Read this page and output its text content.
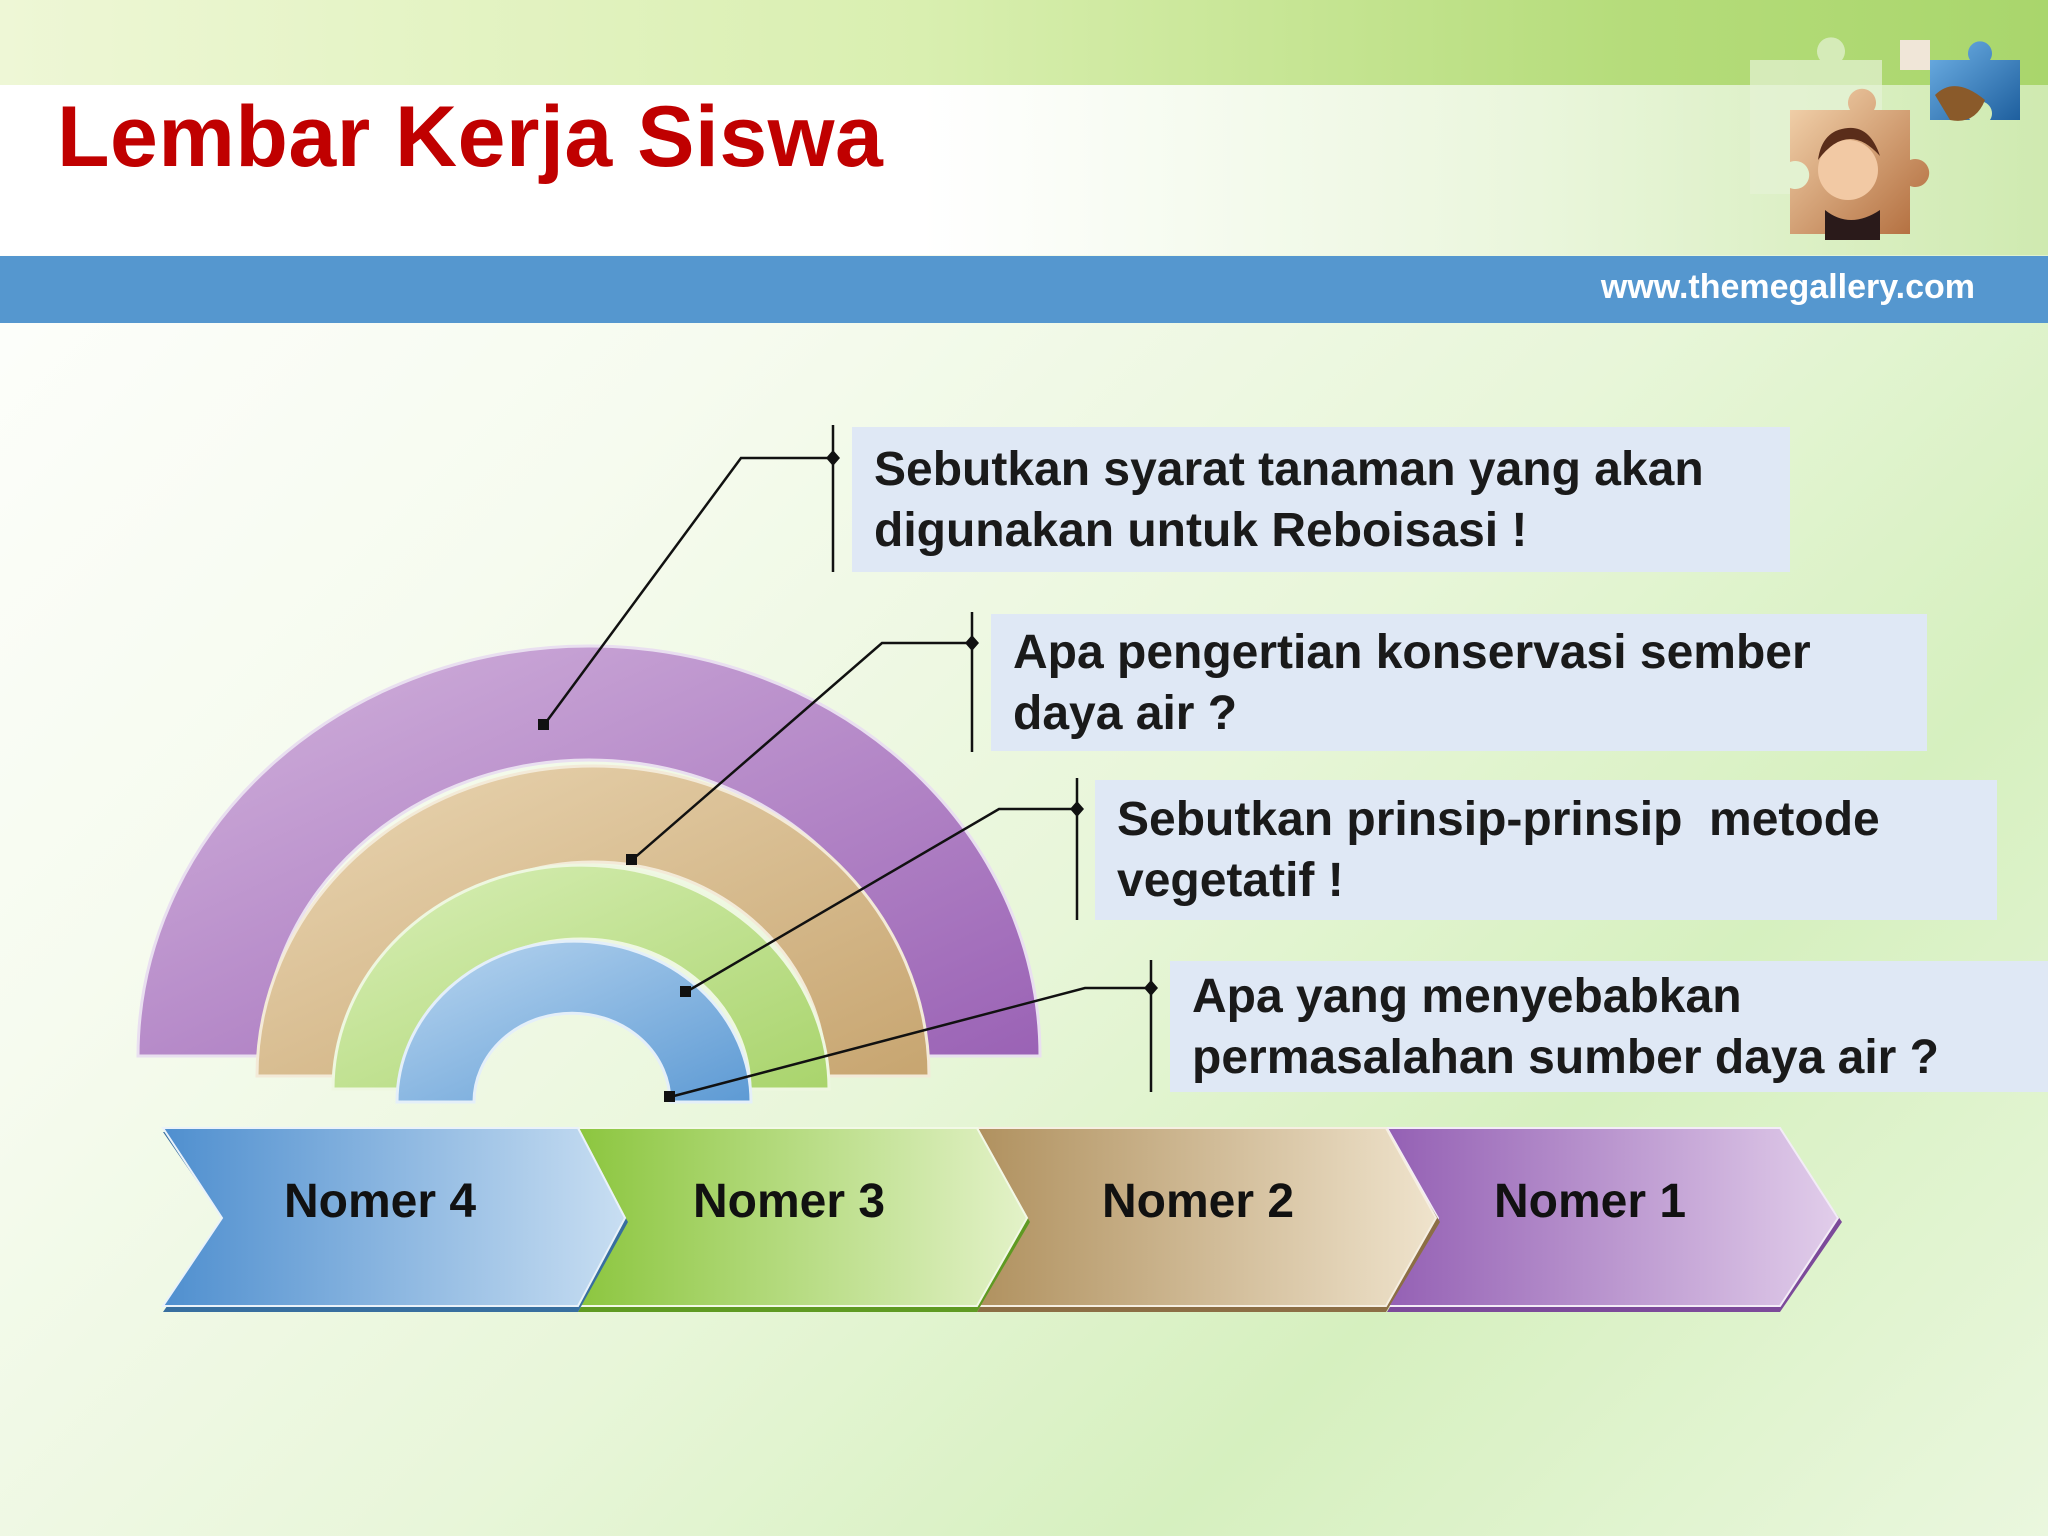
Lembar Kerja Siswa
www.themegallery.com
Sebutkan syarat tanaman yang akan digunakan untuk Reboisasi !
Apa pengertian konservasi sember daya air ?
Sebutkan prinsip-prinsip  metode vegetatif !
Apa yang menyebabkan permasalahan sumber daya air ?
Nomer 4	Nomer 3	Nomer 2	Nomer 1
